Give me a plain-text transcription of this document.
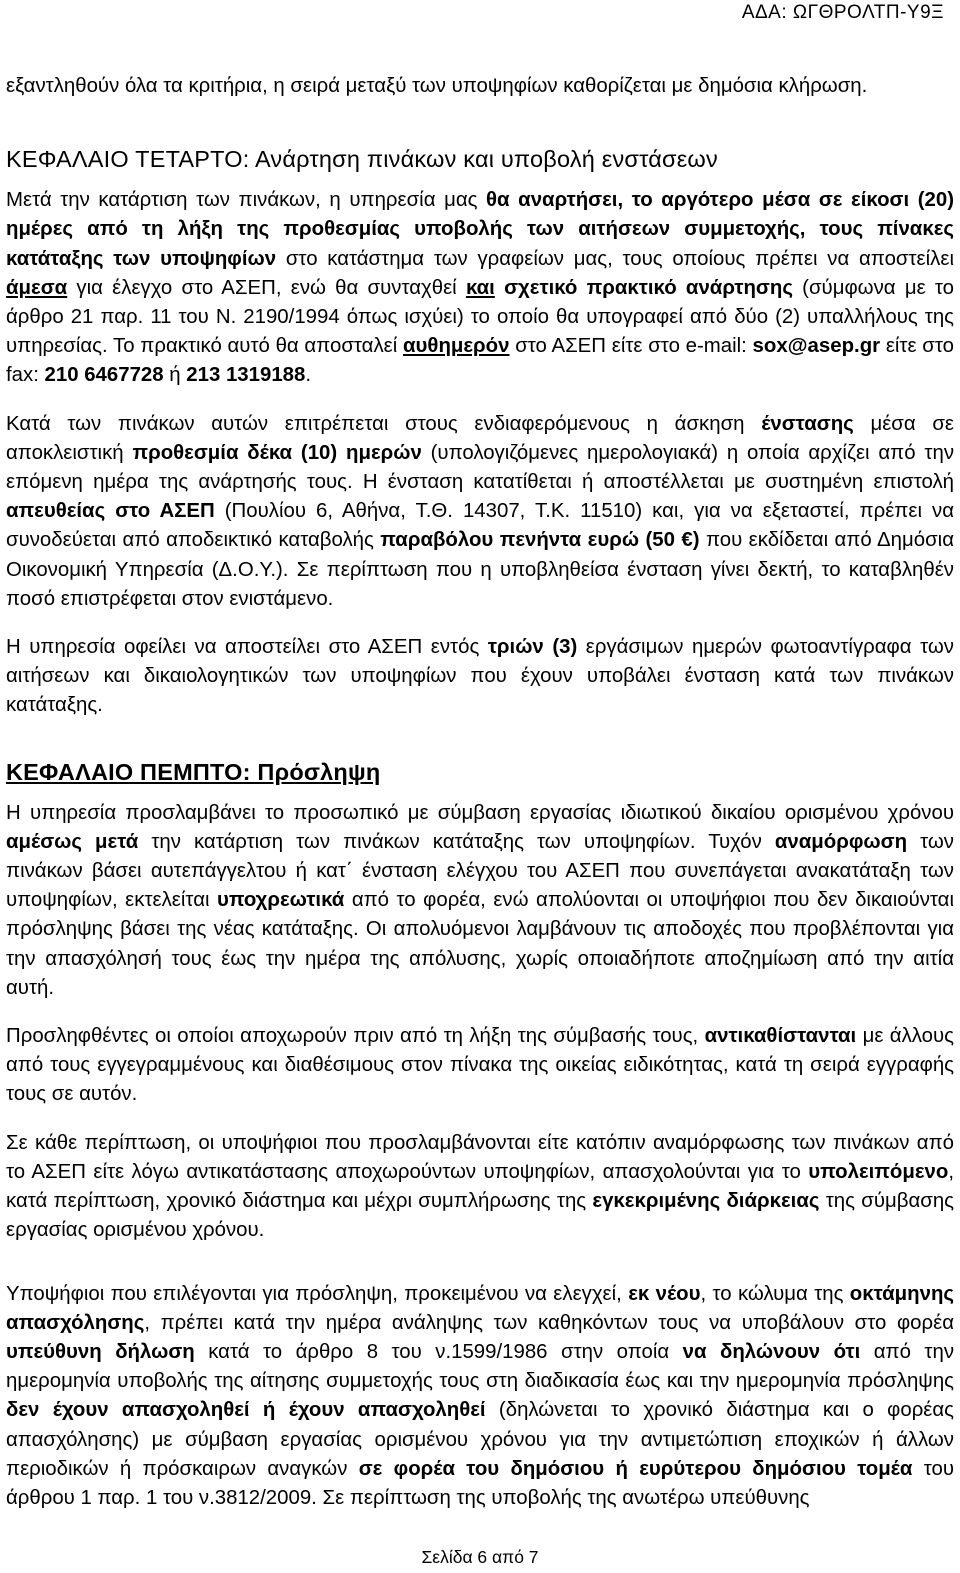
ΑΔΑ: ΩΓΘΡΟΛΤΠ-Υ9Ξ

εξαντληθούν όλα τα κριτήρια, η σειρά μεταξύ των υποψηφίων καθορίζεται με δημόσια κλήρωση.

ΚΕΦΑΛΑΙΟ ΤΕΤΑΡΤΟ: Ανάρτηση πινάκων και υποβολή ενστάσεων

Μετά την κατάρτιση των πινάκων, η υπηρεσία μας θα αναρτήσει, το αργότερο μέσα σε είκοσι (20) ημέρες από τη λήξη της προθεσμίας υποβολής των αιτήσεων συμμετοχής, τους πίνακες κατάταξης των υποψηφίων στο κατάστημα των γραφείων μας, τους οποίους πρέπει να αποστείλει άμεσα για έλεγχο στο ΑΣΕΠ, ενώ θα συνταχθεί και σχετικό πρακτικό ανάρτησης (σύμφωνα με το άρθρο 21 παρ. 11 του Ν. 2190/1994 όπως ισχύει) το οποίο θα υπογραφεί από δύο (2) υπαλλήλους της υπηρεσίας. Το πρακτικό αυτό θα αποσταλεί αυθημερόν στο ΑΣΕΠ είτε στο e-mail: sox@asep.gr είτε στο fax: 210 6467728 ή 213 1319188.

Κατά των πινάκων αυτών επιτρέπεται στους ενδιαφερόμενους η άσκηση ένστασης μέσα σε αποκλειστική προθεσμία δέκα (10) ημερών (υπολογιζόμενες ημερολογιακά) η οποία αρχίζει από την επόμενη ημέρα της ανάρτησής τους. Η ένσταση κατατίθεται ή αποστέλλεται με συστημένη επιστολή απευθείας στο ΑΣΕΠ (Πουλίου 6, Αθήνα, Τ.Θ. 14307, Τ.Κ. 11510) και, για να εξεταστεί, πρέπει να συνοδεύεται από αποδεικτικό καταβολής παραβόλου πενήντα ευρώ (50 €) που εκδίδεται από Δημόσια Οικονομική Υπηρεσία (Δ.Ο.Υ.). Σε περίπτωση που η υποβληθείσα ένσταση γίνει δεκτή, το καταβληθέν ποσό επιστρέφεται στον ενιστάμενο.

Η υπηρεσία οφείλει να αποστείλει στο ΑΣΕΠ εντός τριών (3) εργάσιμων ημερών φωτοαντίγραφα των αιτήσεων και δικαιολογητικών των υποψηφίων που έχουν υποβάλει ένσταση κατά των πινάκων κατάταξης.

ΚΕΦΑΛΑΙΟ ΠΕΜΠΤΟ: Πρόσληψη

Η υπηρεσία προσλαμβάνει το προσωπικό με σύμβαση εργασίας ιδιωτικού δικαίου ορισμένου χρόνου αμέσως μετά την κατάρτιση των πινάκων κατάταξης των υποψηφίων. Τυχόν αναμόρφωση των πινάκων βάσει αυτεπάγγελτου ή κατ΄ ένσταση ελέγχου του ΑΣΕΠ που συνεπάγεται ανακατάταξη των υποψηφίων, εκτελείται υποχρεωτικά από το φορέα, ενώ απολύονται οι υποψήφιοι που δεν δικαιούνται πρόσληψης βάσει της νέας κατάταξης. Οι απολυόμενοι λαμβάνουν τις αποδοχές που προβλέπονται για την απασχόλησή τους έως την ημέρα της απόλυσης, χωρίς οποιαδήποτε αποζημίωση από την αιτία αυτή.

Προσληφθέντες οι οποίοι αποχωρούν πριν από τη λήξη της σύμβασής τους, αντικαθίστανται με άλλους από τους εγγεγραμμένους και διαθέσιμους στον πίνακα της οικείας ειδικότητας, κατά τη σειρά εγγραφής τους σε αυτόν.

Σε κάθε περίπτωση, οι υποψήφιοι που προσλαμβάνονται είτε κατόπιν αναμόρφωσης των πινάκων από το ΑΣΕΠ είτε λόγω αντικατάστασης αποχωρούντων υποψηφίων, απασχολούνται για το υπολειπόμενο, κατά περίπτωση, χρονικό διάστημα και μέχρι συμπλήρωσης της εγκεκριμένης διάρκειας της σύμβασης εργασίας ορισμένου χρόνου.

Υποψήφιοι που επιλέγονται για πρόσληψη, προκειμένου να ελεγχεί, εκ νέου, το κώλυμα της οκτάμηνης απασχόλησης, πρέπει κατά την ημέρα ανάληψης των καθηκόντων τους να υποβάλουν στο φορέα υπεύθυνη δήλωση κατά το άρθρο 8 του ν.1599/1986 στην οποία να δηλώνουν ότι από την ημερομηνία υποβολής της αίτησης συμμετοχής τους στη διαδικασία έως και την ημερομηνία πρόσληψης δεν έχουν απασχοληθεί ή έχουν απασχοληθεί (δηλώνεται το χρονικό διάστημα και ο φορέας απασχόλησης) με σύμβαση εργασίας ορισμένου χρόνου για την αντιμετώπιση εποχικών ή άλλων περιοδικών ή πρόσκαιρων αναγκών σε φορέα του δημόσιου ή ευρύτερου δημόσιου τομέα του άρθρου 1 παρ. 1 του ν.3812/2009. Σε περίπτωση της υποβολής της ανωτέρω υπεύθυνης

Σελίδα 6 από 7
